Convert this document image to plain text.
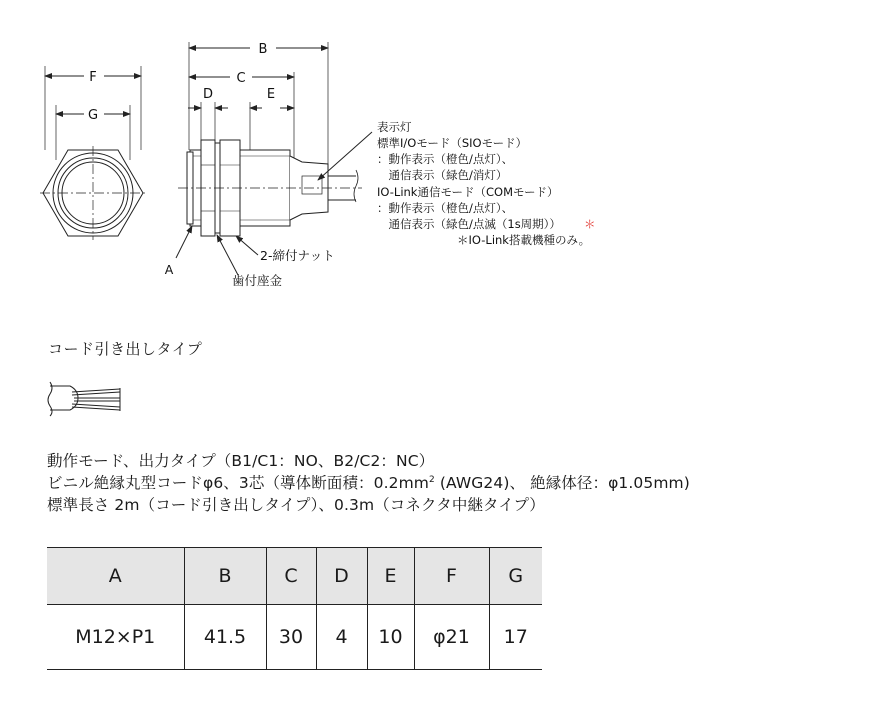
F
G
B
C
D	E
A
2-締付ナット
歯付座金
表示灯
標準I/Oモード（SIOモード）
：動作表示（橙色/点灯）、
　通信表示（緑色/消灯）
IO-Link通信モード（COMモード）
：動作表示（橙色/点灯）、
　通信表示（緑色/点滅（1s周期））
＊IO-Link搭載機種のみ。
＊
コード引き出しタイプ
動作モード、出力タイプ（B1/C1：NO、B2/C2：NC）
ビニル絶縁丸型コードφ6、3芯（導体断面積：$0.2mm^2$ (AWG24)、 絶縁体径：φ1.05mm)
標準長さ 2m（コード引き出しタイプ）、0.3m（コネクタ中継タイプ）
A	B	C	D	E	F	G
M12×P1	41.5	30	4	10	φ21	17
